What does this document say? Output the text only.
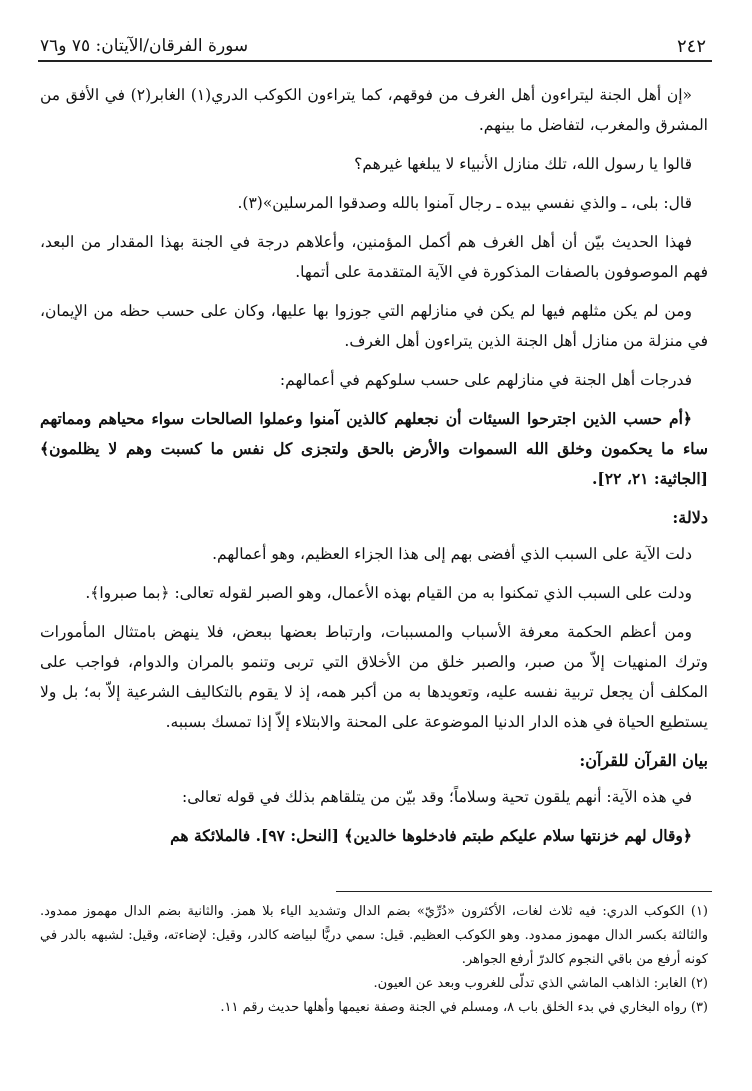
سورة الفرقان/الآيتان: ٧٥ و٧٦	٢٤٢

«إن أهل الجنة ليتراءون أهل الغرف من فوقهم، كما يتراءون الكوكب الدري(١) الغابر(٢) في الأفق من المشرق والمغرب، لتفاضل ما بينهم.

قالوا يا رسول الله، تلك منازل الأنبياء لا يبلغها غيرهم؟

قال: بلى، ـ والذي نفسي بيده ـ رجال آمنوا بالله وصدقوا المرسلين»(٣).

فهذا الحديث بيّن أن أهل الغرف هم أكمل المؤمنين، وأعلاهم درجة في الجنة بهذا المقدار من البعد، فهم الموصوفون بالصفات المذكورة في الآية المتقدمة على أتمها.

ومن لم يكن مثلهم فيها لم يكن في منازلهم التي جوزوا بها عليها، وكان على حسب حظه من الإيمان، في منزلة من منازل أهل الجنة الذين يتراءون أهل الغرف.

فدرجات أهل الجنة في منازلهم على حسب سلوكهم في أعمالهم:

﴿أم حسب الذين اجترحوا السيئات أن نجعلهم كالذين آمنوا وعملوا الصالحات سواء محياهم ومماتهم ساء ما يحكمون وخلق الله السموات والأرض بالحق ولتجزى كل نفس ما كسبت وهم لا يظلمون﴾ [الجاثية: ٢١، ٢٢].

دلالة:

دلت الآية على السبب الذي أفضى بهم إلى هذا الجزاء العظيم، وهو أعمالهم.

ودلت على السبب الذي تمكنوا به من القيام بهذه الأعمال، وهو الصبر لقوله تعالى: ﴿بما صبروا﴾.

ومن أعظم الحكمة معرفة الأسباب والمسببات، وارتباط بعضها ببعض، فلا ينهض بامتثال المأمورات وترك المنهيات إلاّ من صبر، والصبر خلق من الأخلاق التي تربى وتنمو بالمران والدوام، فواجب على المكلف أن يجعل تربية نفسه عليه، وتعويدها به من أكبر همه، إذ لا يقوم بالتكاليف الشرعية إلاّ به؛ بل ولا يستطيع الحياة في هذه الدار الدنيا الموضوعة على المحنة والابتلاء إلاّ إذا تمسك بسببه.

بيان القرآن للقرآن:

في هذه الآية: أنهم يلقون تحية وسلاماً؛ وقد بيّن من يتلقاهم بذلك في قوله تعالى:

﴿وقال لهم خزنتها سلام عليكم طبتم فادخلوها خالدين﴾ [النحل: ٩٧]. فالملائكة هم

(١) الكوكب الدري: فيه ثلاث لغات، الأكثرون «دُرِّيّ» بضم الدال وتشديد الياء بلا همز. والثانية بضم الدال مهموز ممدود. والثالثة بكسر الدال مهموز ممدود. وهو الكوكب العظيم. قيل: سمي دريًّا لبياضه كالدر، وقيل: لإضاءته، وقيل: لشبهه بالدر في كونه أرفع من باقي النجوم كالدرّ أرفع الجواهر.

(٢) الغابر: الذاهب الماشي الذي تدلّى للغروب وبعد عن العيون.

(٣) رواه البخاري في بدء الخلق باب ٨، ومسلم في الجنة وصفة نعيمها وأهلها حديث رقم ١١.
